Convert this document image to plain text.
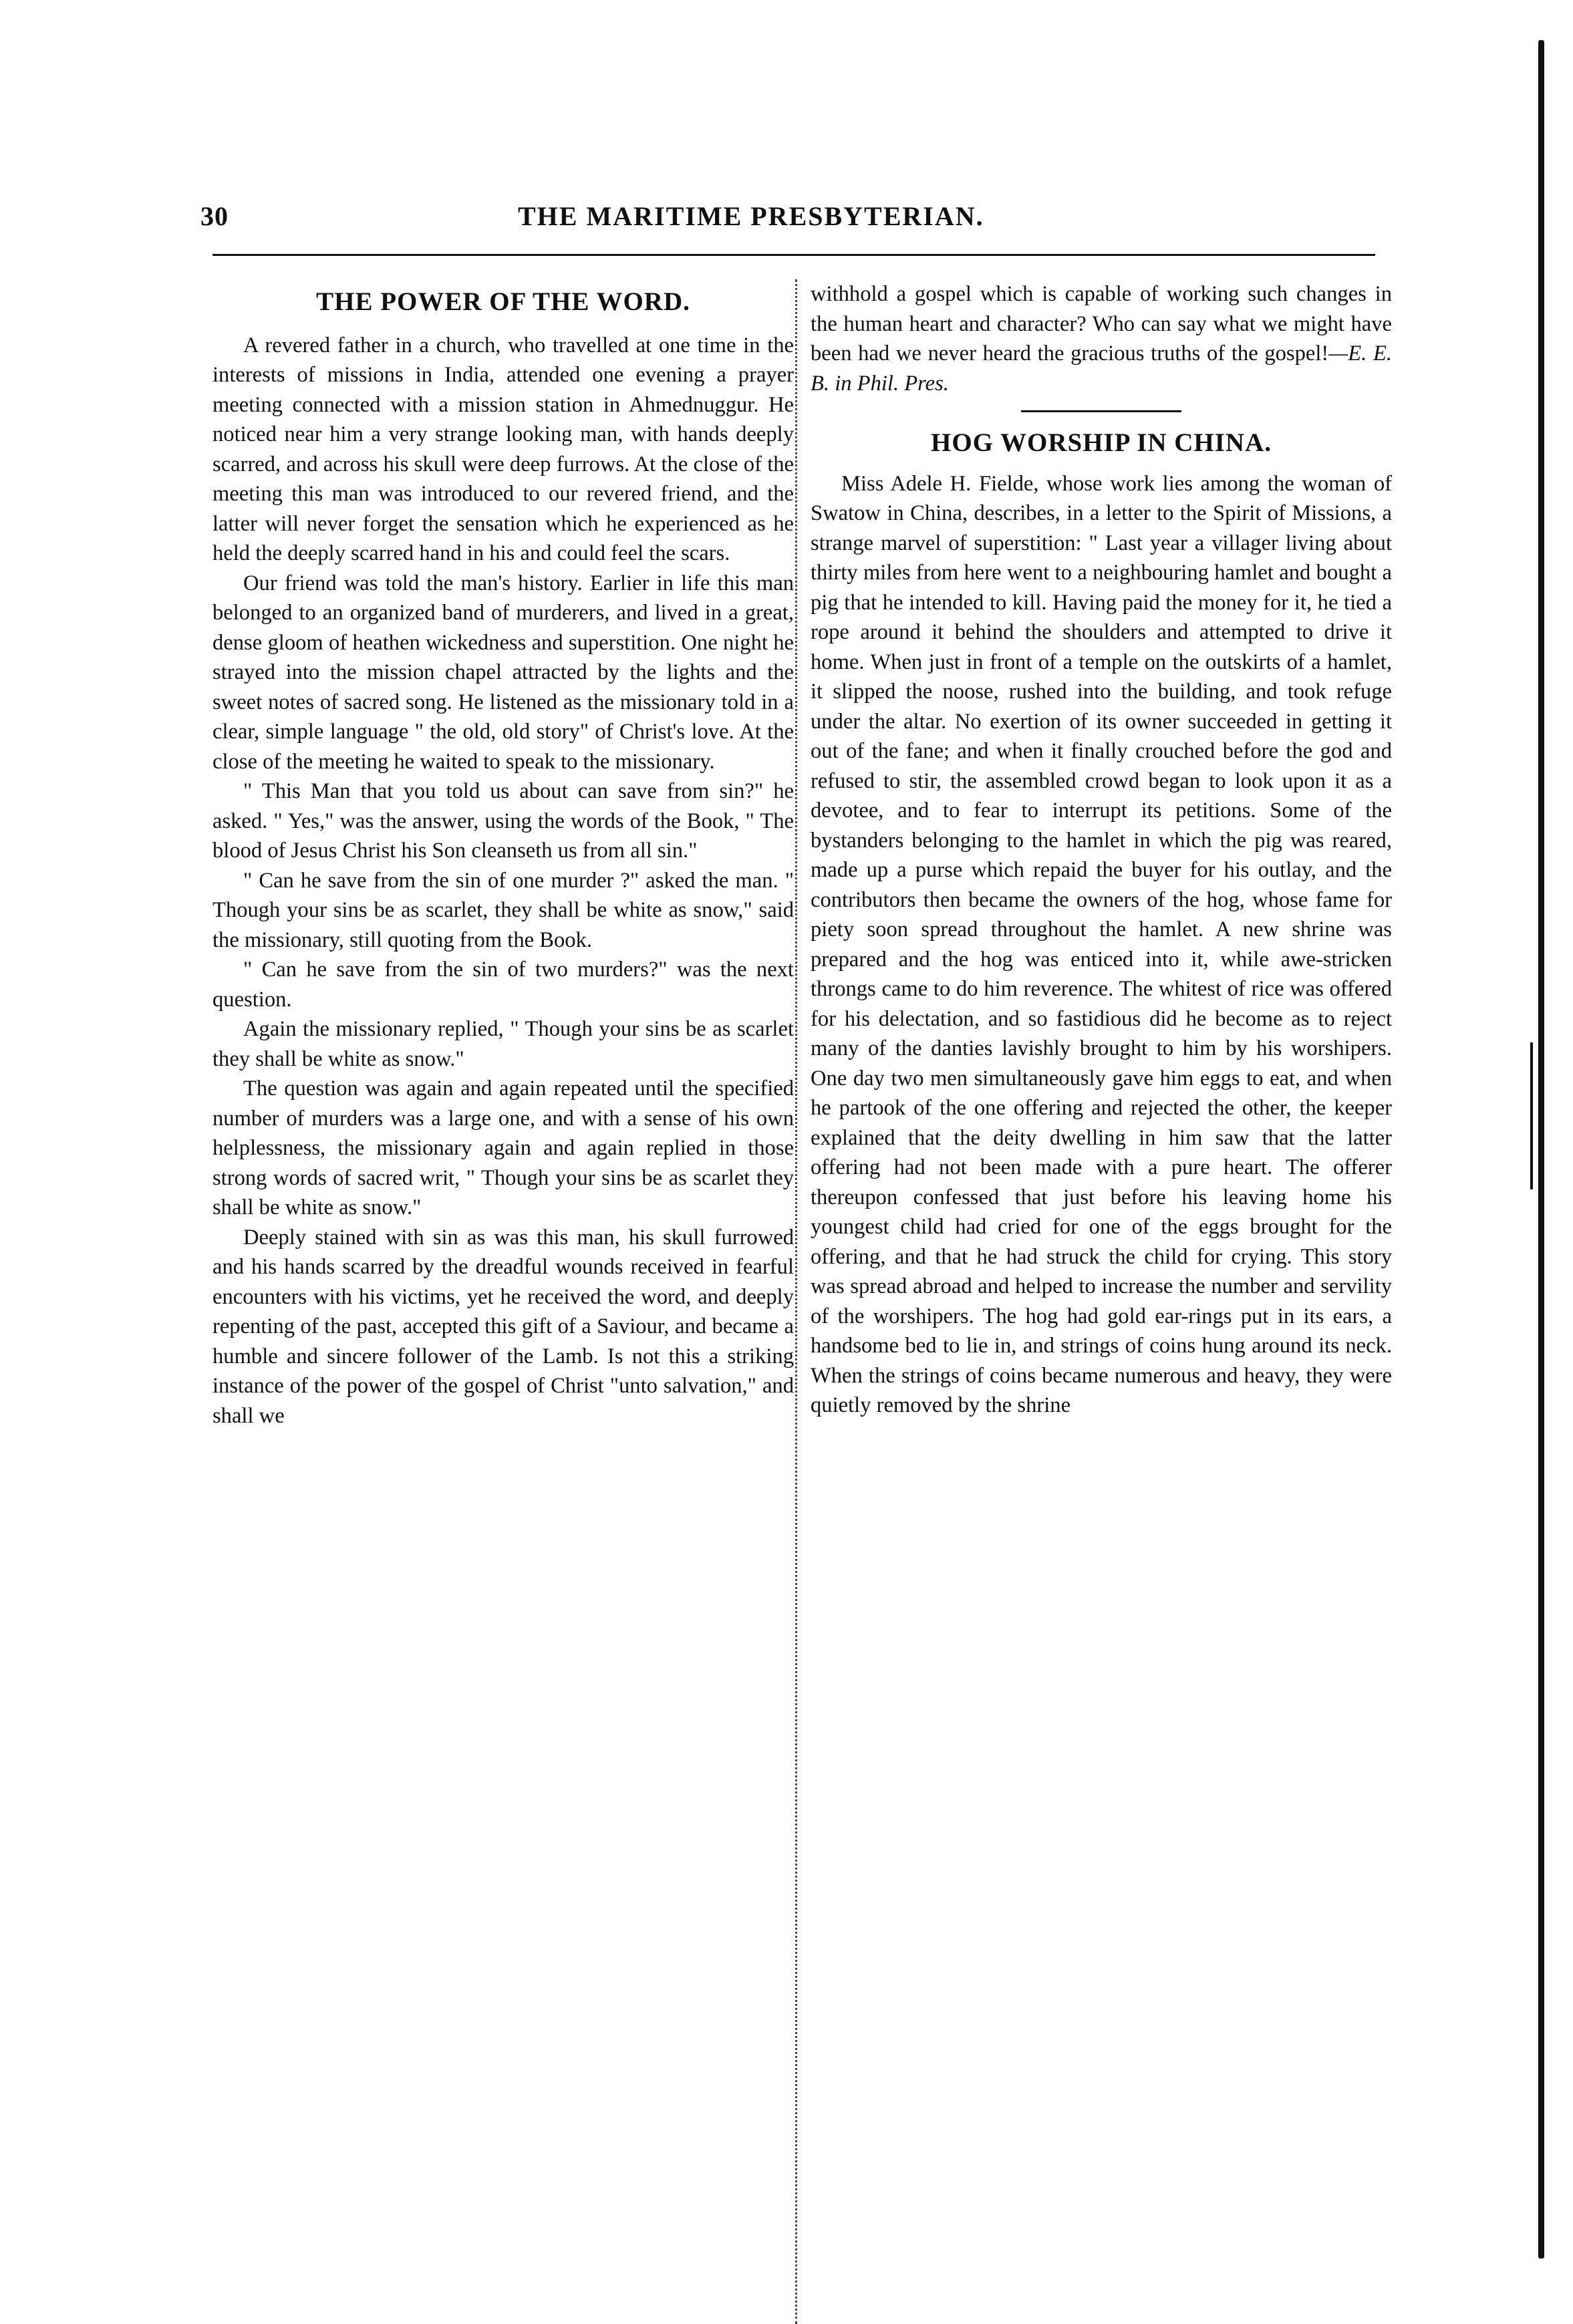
30	THE MARITIME PRESBYTERIAN.
THE POWER OF THE WORD.

A revered father in a church, who travelled at one time in the interests of missions in India, attended one evening a prayer meeting connected with a mission station in Ahmednuggur. He noticed near him a very strange looking man, with hands deeply scarred, and across his skull were deep furrows. At the close of the meeting this man was introduced to our revered friend, and the latter will never forget the sensation which he experienced as he held the deeply scarred hand in his and could feel the scars.

Our friend was told the man's history. Earlier in life this man belonged to an organized band of murderers, and lived in a great, dense gloom of heathen wickedness and superstition. One night he strayed into the mission chapel attracted by the lights and the sweet notes of sacred song. He listened as the missionary told in a clear, simple language " the old, old story" of Christ's love. At the close of the meeting he waited to speak to the missionary.

" This Man that you told us about can save from sin?" he asked. " Yes," was the answer, using the words of the Book, " The blood of Jesus Christ his Son cleanseth us from all sin."

" Can he save from the sin of one murder ?" asked the man. " Though your sins be as scarlet, they shall be white as snow," said the missionary, still quoting from the Book.

" Can he save from the sin of two murders?" was the next question.

Again the missionary replied, " Though your sins be as scarlet they shall be white as snow."

The question was again and again repeated until the specified number of murders was a large one, and with a sense of his own helplessness, the missionary again and again replied in those strong words of sacred writ, " Though your sins be as scarlet they shall be white as snow."

Deeply stained with sin as was this man, his skull furrowed and his hands scarred by the dreadful wounds received in fearful encounters with his victims, yet he received the word, and deeply repenting of the past, accepted this gift of a Saviour, and became a humble and sincere follower of the Lamb. Is not this a striking instance of the power of the gospel of Christ "unto salvation," and shall we

withhold a gospel which is capable of working such changes in the human heart and character? Who can say what we might have been had we never heard the gracious truths of the gospel!—E. E. B. in Phil. Pres.

HOG WORSHIP IN CHINA.

Miss Adele H. Fielde, whose work lies among the woman of Swatow in China, describes, in a letter to the Spirit of Missions, a strange marvel of superstition: " Last year a villager living about thirty miles from here went to a neighbouring hamlet and bought a pig that he intended to kill. Having paid the money for it, he tied a rope around it behind the shoulders and attempted to drive it home. When just in front of a temple on the outskirts of a hamlet, it slipped the noose, rushed into the building, and took refuge under the altar. No exertion of its owner succeeded in getting it out of the fane; and when it finally crouched before the god and refused to stir, the assembled crowd began to look upon it as a devotee, and to fear to interrupt its petitions. Some of the bystanders belonging to the hamlet in which the pig was reared, made up a purse which repaid the buyer for his outlay, and the contributors then became the owners of the hog, whose fame for piety soon spread throughout the hamlet. A new shrine was prepared and the hog was enticed into it, while awe-stricken throngs came to do him reverence. The whitest of rice was offered for his delectation, and so fastidious did he become as to reject many of the danties lavishly brought to him by his worshipers. One day two men simultaneously gave him eggs to eat, and when he partook of the one offering and rejected the other, the keeper explained that the deity dwelling in him saw that the latter offering had not been made with a pure heart. The offerer thereupon confessed that just before his leaving home his youngest child had cried for one of the eggs brought for the offering, and that he had struck the child for crying. This story was spread abroad and helped to increase the number and servility of the worshipers. The hog had gold ear-rings put in its ears, a handsome bed to lie in, and strings of coins hung around its neck. When the strings of coins became numerous and heavy, they were quietly removed by the shrine
